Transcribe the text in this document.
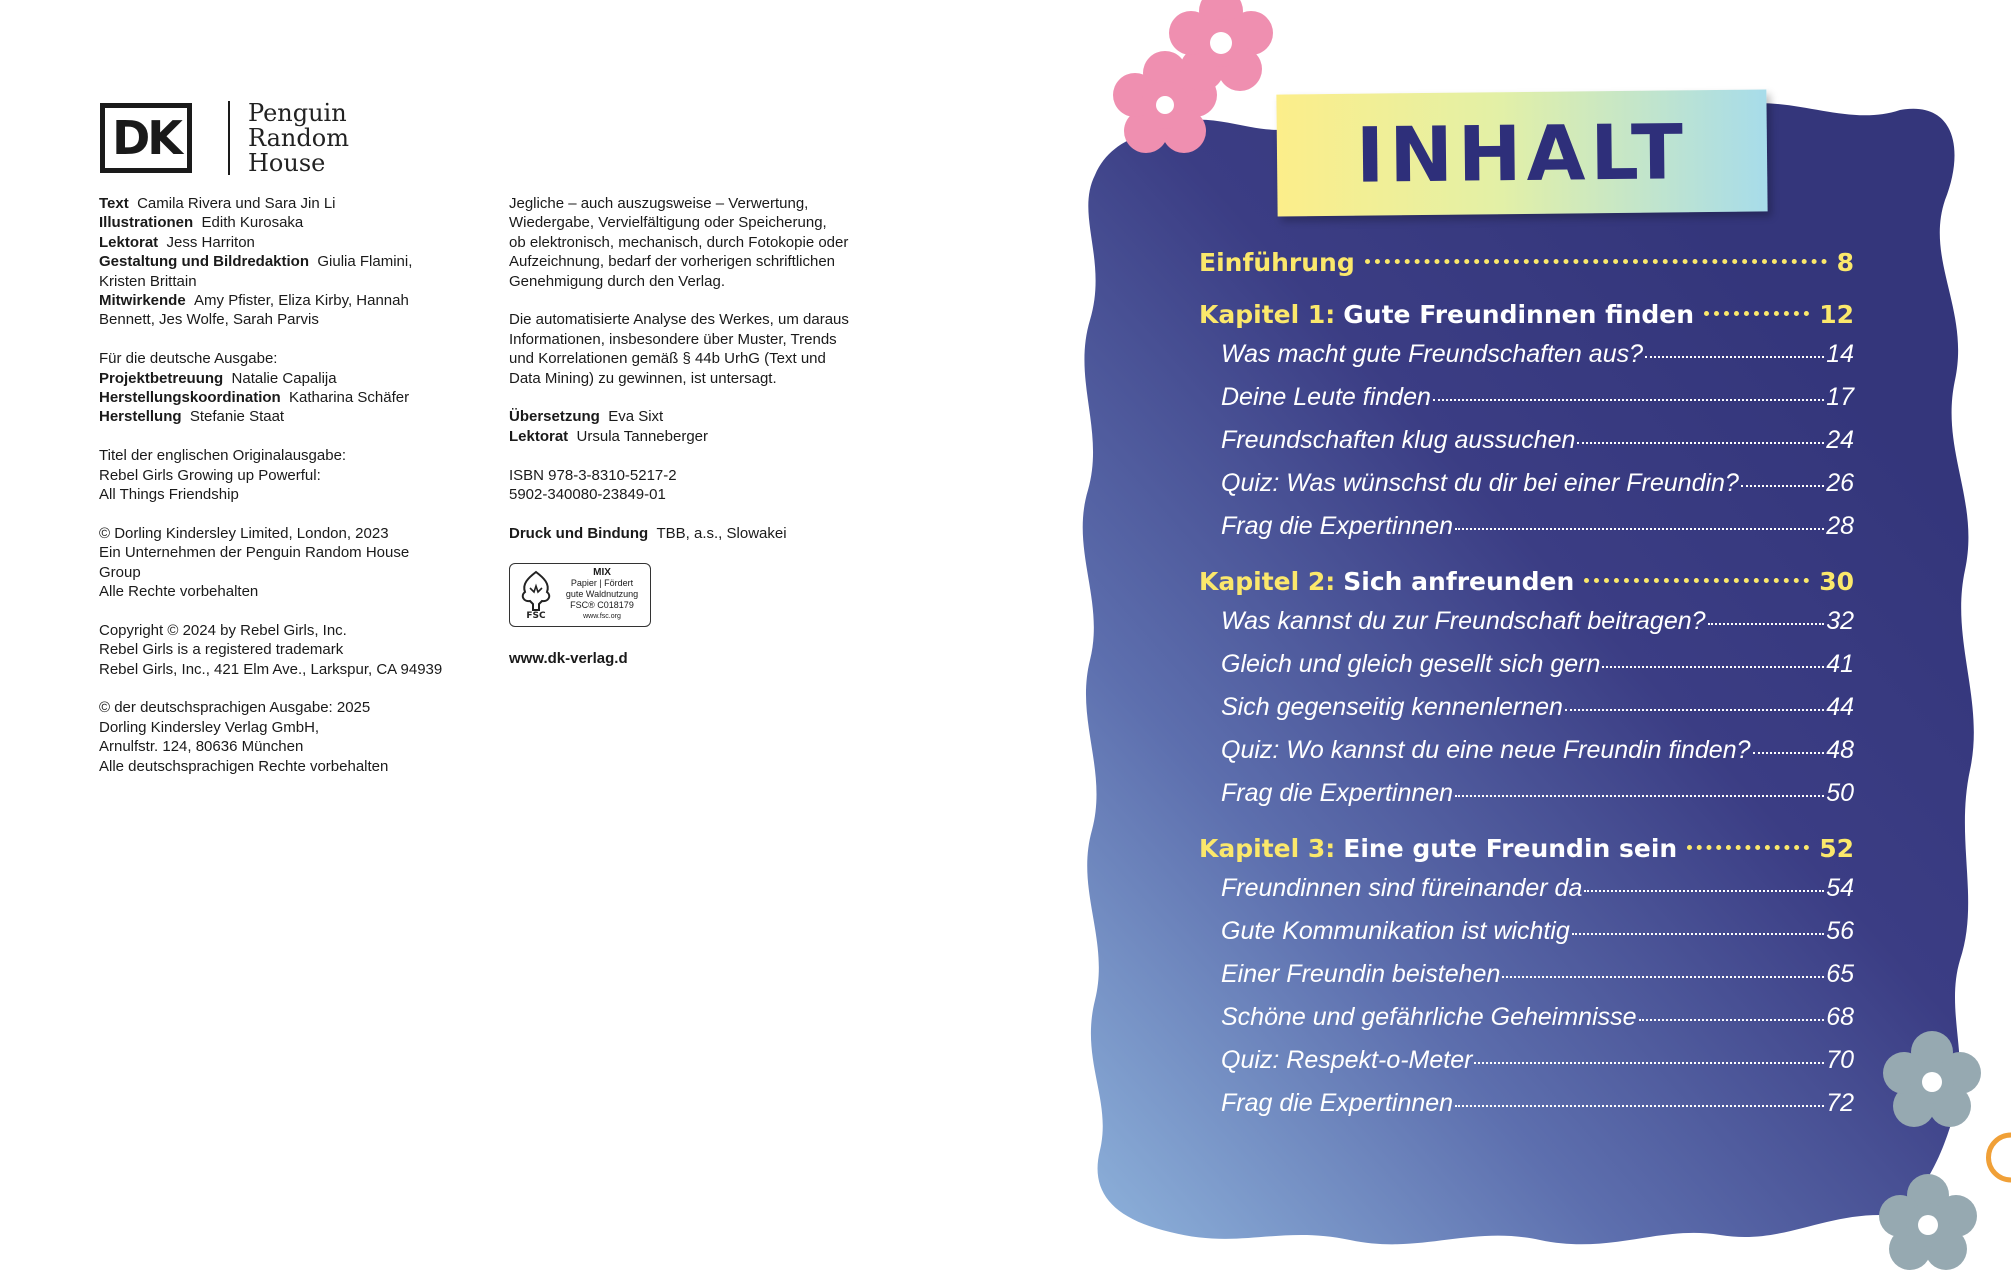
DK	Penguin
Random
House
Text Camila Rivera und Sara Jin Li
Illustrationen Edith Kurosaka
Lektorat Jess Harriton
Gestaltung und Bildredaktion Giulia Flamini,
Kristen Brittain
Mitwirkende Amy Pfister, Eliza Kirby, Hannah
Bennett, Jes Wolfe, Sarah Parvis
Für die deutsche Ausgabe:
Projektbetreuung Natalie Capalija
Herstellungskoordination Katharina Schäfer
Herstellung Stefanie Staat
Titel der englischen Originalausgabe:
Rebel Girls Growing up Powerful:
All Things Friendship
© Dorling Kindersley Limited, London, 2023
Ein Unternehmen der Penguin Random House
Group
Alle Rechte vorbehalten
Copyright © 2024 by Rebel Girls, Inc.
Rebel Girls is a registered trademark
Rebel Girls, Inc., 421 Elm Ave., Larkspur, CA 94939
© der deutschsprachigen Ausgabe: 2025
Dorling Kindersley Verlag GmbH,
Arnulfstr. 124, 80636 München
Alle deutschsprachigen Rechte vorbehalten
Jegliche – auch auszugsweise – Verwertung,
Wiedergabe, Vervielfältigung oder Speicherung,
ob elektronisch, mechanisch, durch Fotokopie oder
Aufzeichnung, bedarf der vorherigen schriftlichen
Genehmigung durch den Verlag.
Die automatisierte Analyse des Werkes, um daraus
Informationen, insbesondere über Muster, Trends
und Korrelationen gemäß § 44b UrhG (Text und
Data Mining) zu gewinnen, ist untersagt.
Übersetzung Eva Sixt
Lektorat Ursula Tanneberger
ISBN 978-3-8310-5217-2
5902-340080-23849-01
Druck und Bindung TBB, a.s., Slowakei
FSC
MIX
Papier | Fördert
gute Waldnutzung
FSC® C018179
www.fsc.org
www.dk-verlag.d
INHALT
Einführung	8
Kapitel 1: Gute Freundinnen finden	12
Was macht gute Freundschaften aus?	14
Deine Leute finden	17
Freundschaften klug aussuchen	24
Quiz: Was wünschst du dir bei einer Freundin?	26
Frag die Expertinnen	28
Kapitel 2: Sich anfreunden	30
Was kannst du zur Freundschaft beitragen?	32
Gleich und gleich gesellt sich gern	41
Sich gegenseitig kennenlernen	44
Quiz: Wo kannst du eine neue Freundin finden?	48
Frag die Expertinnen	50
Kapitel 3: Eine gute Freundin sein	52
Freundinnen sind füreinander da	54
Gute Kommunikation ist wichtig	56
Einer Freundin beistehen	65
Schöne und gefährliche Geheimnisse	68
Quiz: Respekt-o-Meter	70
Frag die Expertinnen	72
